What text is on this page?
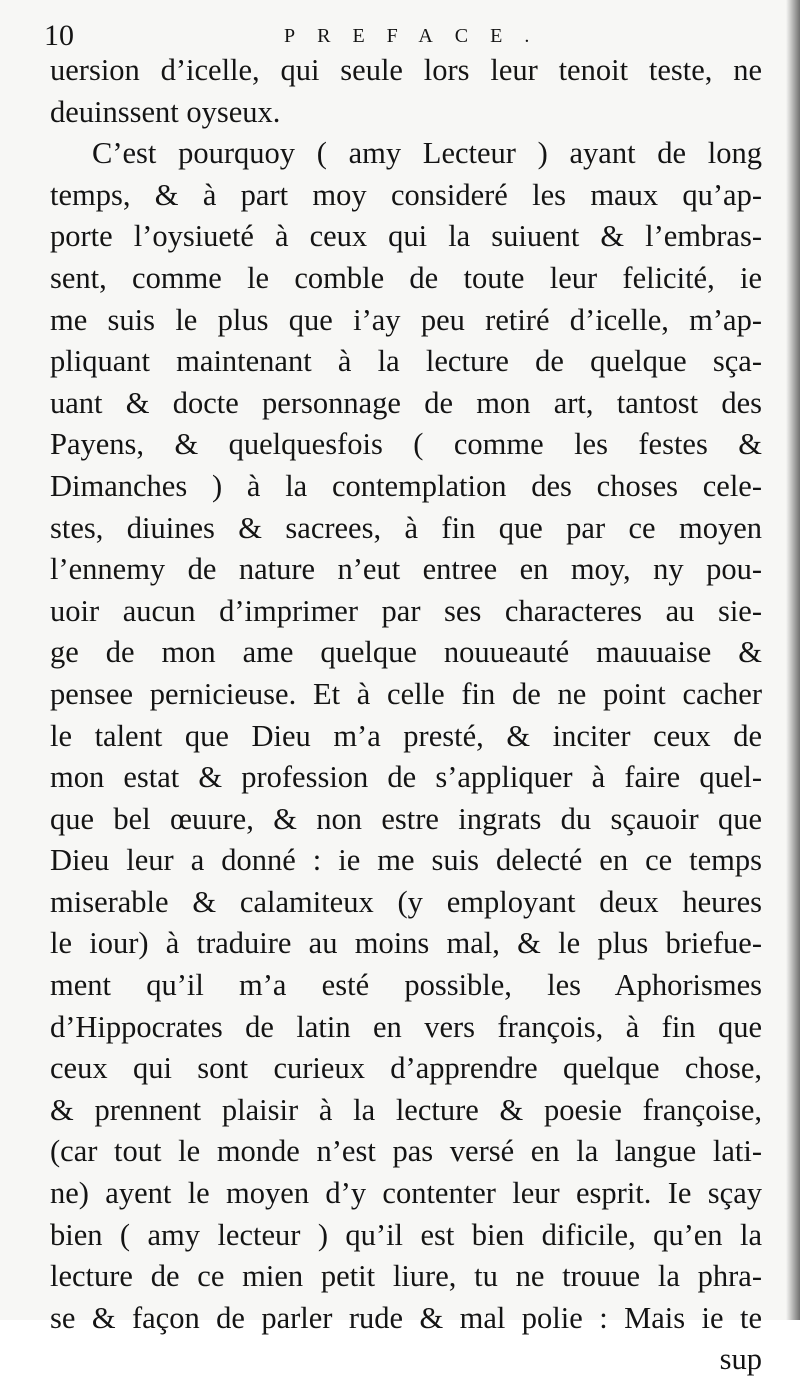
10	PREFACE.
uersion d’icelle, qui seule lors leur tenoit teste, ne
deuinssent oyseux.
C’est pourquoy ( amy Lecteur ) ayant de long
temps, & à part moy consideré les maux qu’ap-
porte l’oysiueté à ceux qui la suiuent & l’embras-
sent, comme le comble de toute leur felicité, ie
me suis le plus que i’ay peu retiré d’icelle, m’ap-
pliquant maintenant à la lecture de quelque sça-
uant & docte personnage de mon art, tantost des
Payens, & quelquesfois ( comme les festes &
Dimanches ) à la contemplation des choses cele-
stes, diuines & sacrees, à fin que par ce moyen
l’ennemy de nature n’eut entree en moy, ny pou-
uoir aucun d’imprimer par ses characteres au sie-
ge de mon ame quelque nouueauté mauuaise &
pensee pernicieuse. Et à celle fin de ne point cacher
le talent que Dieu m’a presté, & inciter ceux de
mon estat & profession de s’appliquer à faire quel-
que bel œuure, & non estre ingrats du sçauoir que
Dieu leur a donné : ie me suis delecté en ce temps
miserable & calamiteux (y employant deux heures
le iour) à traduire au moins mal, & le plus briefue-
ment qu’il m’a esté possible, les Aphorismes
d’Hippocrates de latin en vers françois, à fin que
ceux qui sont curieux d’apprendre quelque chose,
& prennent plaisir à la lecture & poesie françoise,
(car tout le monde n’est pas versé en la langue lati-
ne) ayent le moyen d’y contenter leur esprit. Ie sçay
bien ( amy lecteur ) qu’il est bien dificile, qu’en la
lecture de ce mien petit liure, tu ne trouue la phra-
se & façon de parler rude & mal polie : Mais ie te
sup
